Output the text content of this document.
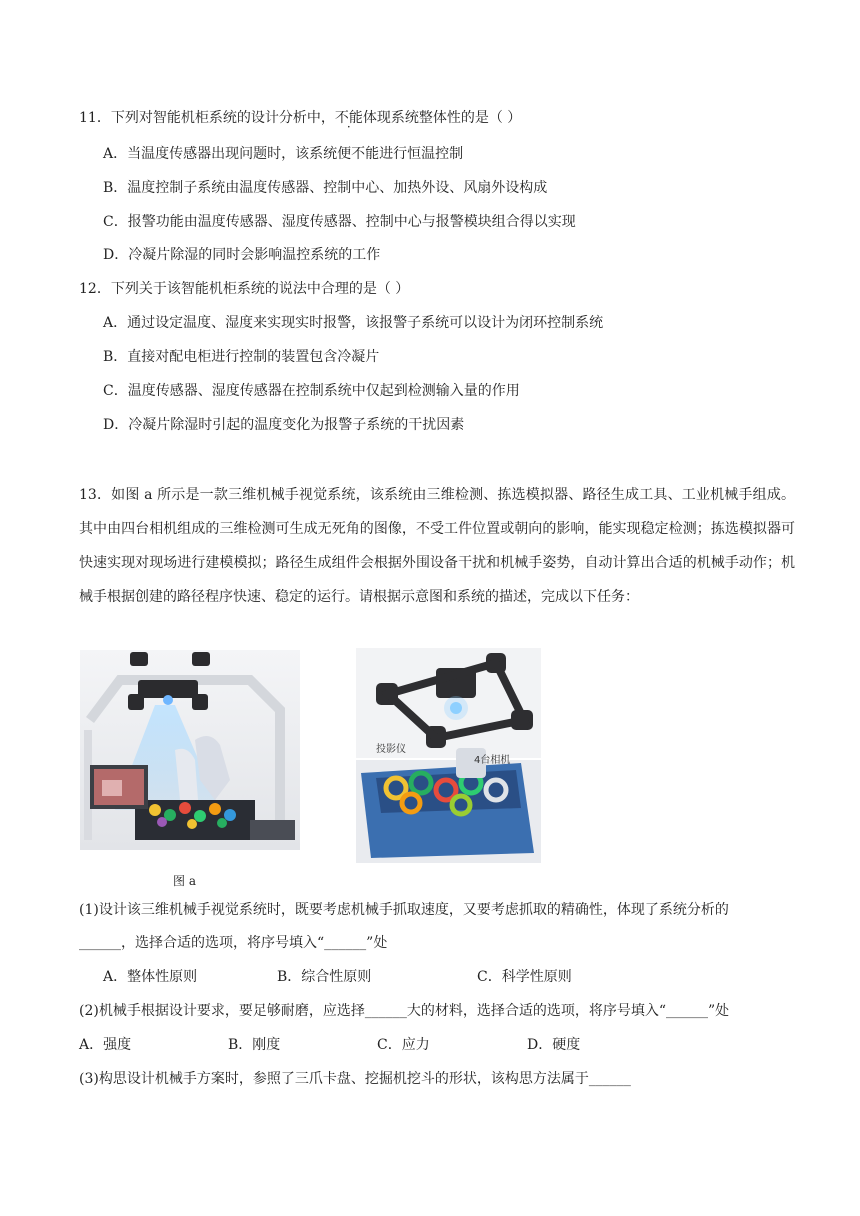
11．下列对智能机柜系统的设计分析中，不能体现系统整体性的是（ ）
A．当温度传感器出现问题时，该系统便不能进行恒温控制
B．温度控制子系统由温度传感器、控制中心、加热外设、风扇外设构成
C．报警功能由温度传感器、湿度传感器、控制中心与报警模块组合得以实现
D．冷凝片除湿的同时会影响温控系统的工作
12．下列关于该智能机柜系统的说法中合理的是（ ）
A．通过设定温度、湿度来实现实时报警，该报警子系统可以设计为闭环控制系统
B．直接对配电柜进行控制的装置包含冷凝片
C．温度传感器、湿度传感器在控制系统中仅起到检测输入量的作用
D．冷凝片除湿时引起的温度变化为报警子系统的干扰因素
13．如图 a 所示是一款三维机械手视觉系统，该系统由三维检测、拣选模拟器、路径生成工具、工业机械手组成。其中由四台相机组成的三维检测可生成无死角的图像，不受工件位置或朝向的影响，能实现稳定检测；拣选模拟器可快速实现对现场进行建模模拟；路径生成组件会根据外围设备干扰和机械手姿势，自动计算出合适的机械手动作；机械手根据创建的路径程序快速、稳定的运行。请根据示意图和系统的描述，完成以下任务：
投影仪
4台相机
图 a
(1)设计该三维机械手视觉系统时，既要考虑机械手抓取速度，又要考虑抓取的精确性，体现了系统分析的
______，选择合适的选项，将序号填入“______”处
A．整体性原则	B．综合性原则	C．科学性原则
(2)机械手根据设计要求，要足够耐磨，应选择______大的材料，选择合适的选项，将序号填入“______”处
A．强度	B．刚度	C．应力	D．硬度
(3)构思设计机械手方案时，参照了三爪卡盘、挖掘机挖斗的形状，该构思方法属于______
